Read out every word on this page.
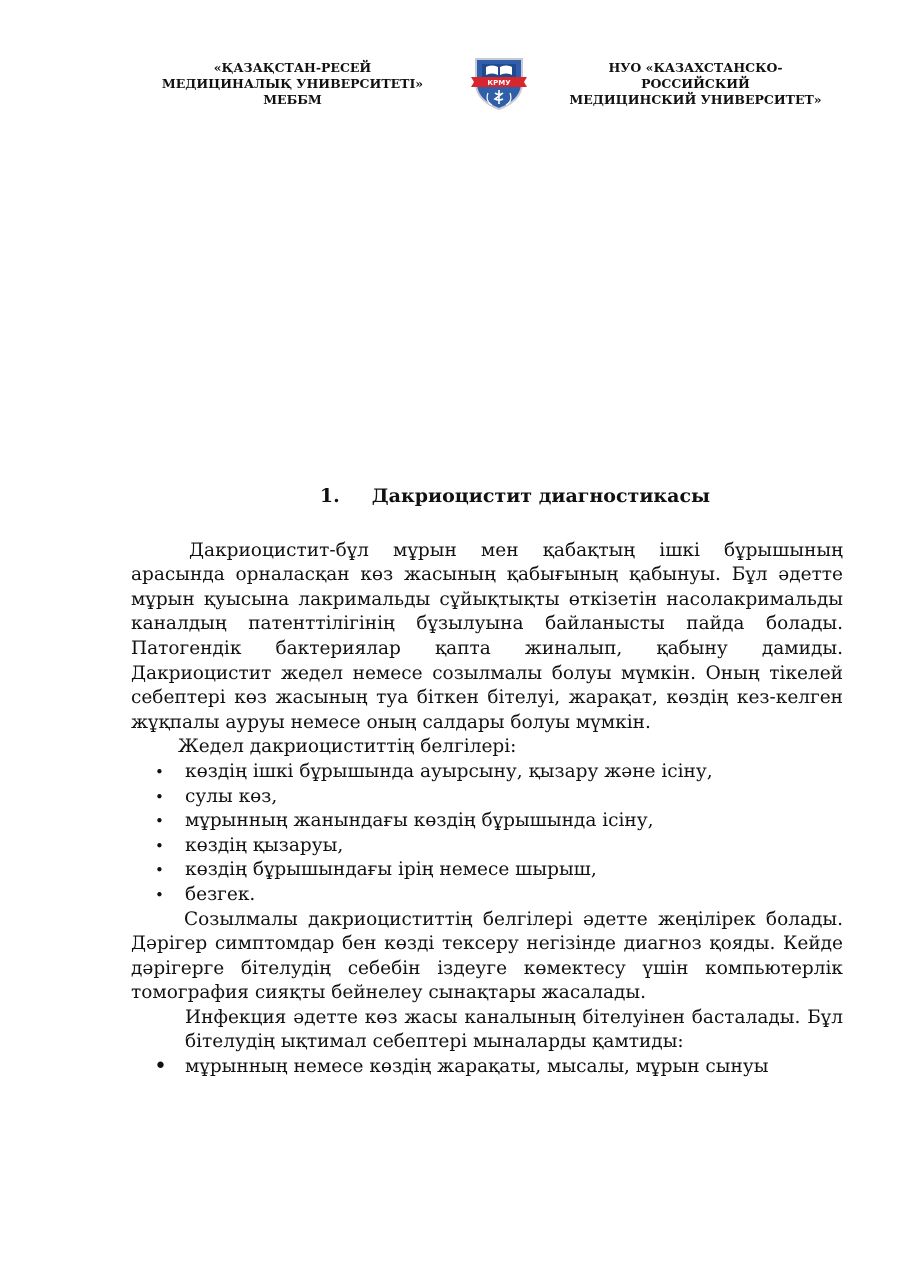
«ҚАЗАҚСТАН-РЕСЕЙ
МЕДИЦИНАЛЫҚ УНИВЕРСИТЕТІ»
МЕББМ
КРМУ
НУО «КАЗАХСТАНСКО-
РОССИЙСКИЙ
МЕДИЦИНСКИЙ УНИВЕРСИТЕТ»
1. Дакриоцистит диагностикасы

Дакриоцистит-бұл мұрын мен қабақтың ішкі бұрышының арасында орналасқан көз жасының қабығының қабынуы. Бұл әдетте мұрын қуысына лакримальды сұйықтықты өткізетін насолакримальды каналдың патенттілігінің бұзылуына байланысты пайда болады. Патогендік бактериялар қапта жиналып, қабыну дамиды. Дакриоцистит жедел немесе созылмалы болуы мүмкін. Оның тікелей себептері көз жасының туа біткен бітелуі, жарақат, көздің кез-келген жұқпалы ауруы немесе оның салдары болуы мүмкін.

Жедел дакриоциститтің белгілері:

• көздің ішкі бұрышында ауырсыну, қызару және ісіну,
• сулы көз,
• мұрынның жанындағы көздің бұрышында ісіну,
• көздің қызаруы,
• көздің бұрышындағы ірің немесе шырыш,
• безгек.

Созылмалы дакриоциститтің белгілері әдетте жеңілірек болады. Дәрігер симптомдар бен көзді тексеру негізінде диагноз қояды. Кейде дәрігерге бітелудің себебін іздеуге көмектесу үшін компьютерлік томография сияқты бейнелеу сынақтары жасалады.

Инфекция әдетте көз жасы каналының бітелуінен басталады. Бұл бітелудің ықтимал себептері мыналарды қамтиды:

• мұрынның немесе көздің жарақаты, мысалы, мұрын сынуы
